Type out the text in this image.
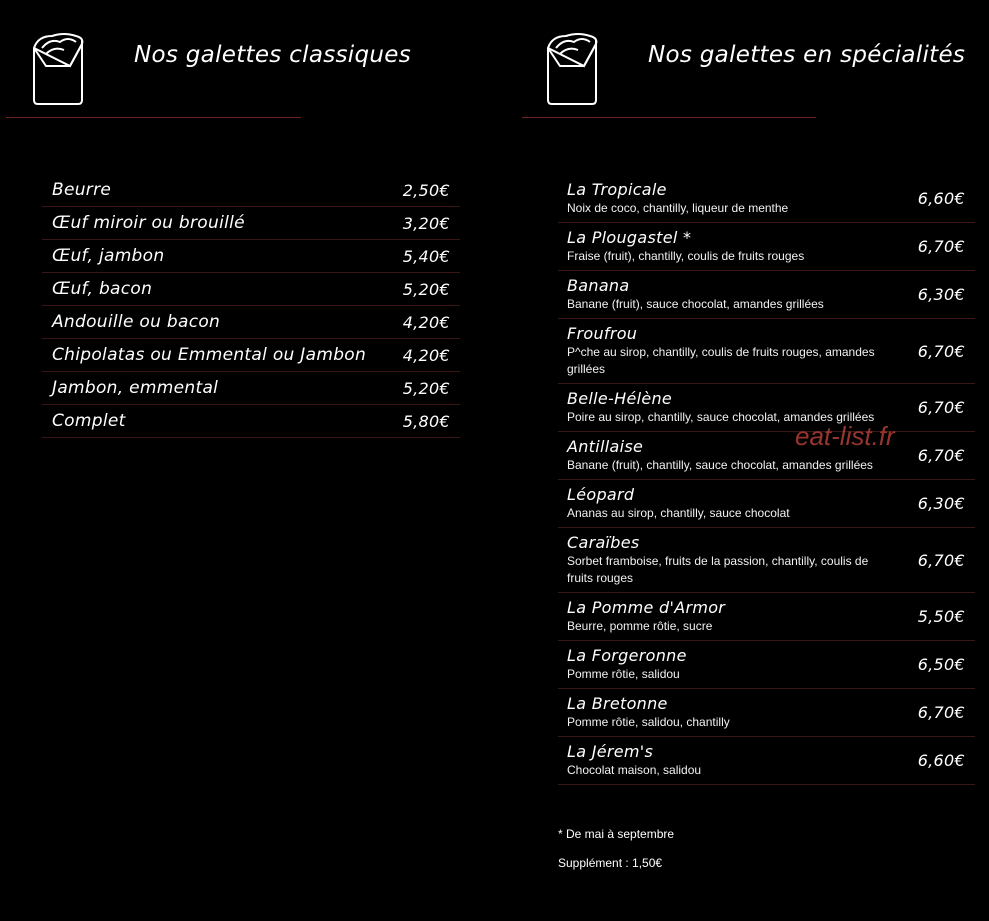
Nos galettes classiques
Beurre	2,50€
Œuf miroir ou brouillé	3,20€
Œuf, jambon	5,40€
Œuf, bacon	5,20€
Andouille ou bacon	4,20€
Chipolatas ou Emmental ou Jambon 4,20€
Jambon, emmental	5,20€
Complet	5,80€
Nos galettes en spécialités
La Tropicale
Noix de coco, chantilly, liqueur de menthe	6,60€
La Plougastel *
Fraise (fruit), chantilly, coulis de fruits rouges	6,70€
Banana
Banane (fruit), sauce chocolat, amandes grillées	6,30€
Froufrou
P^che au sirop, chantilly, coulis de fruits rouges, amandes grillées
6,70€
Belle-Hélène
Poire au sirop, chantilly, sauce chocolat, amandes grillées	6,70€
Antillaise
Banane (fruit), chantilly, sauce chocolat, amandes grillées	6,70€
Léopard
Ananas au sirop, chantilly, sauce chocolat	6,30€
Caraïbes
Sorbet framboise, fruits de la passion, chantilly, coulis de fruits rouges
6,70€
La Pomme d'Armor
Beurre, pomme rôtie, sucre	5,50€
La Forgeronne
Pomme rôtie, salidou	6,50€
La Bretonne
Pomme rôtie, salidou, chantilly	6,70€
La Jérem's
Chocolat maison, salidou	6,60€
* De mai à septembre
Supplément : 1,50€
eat-list.fr
